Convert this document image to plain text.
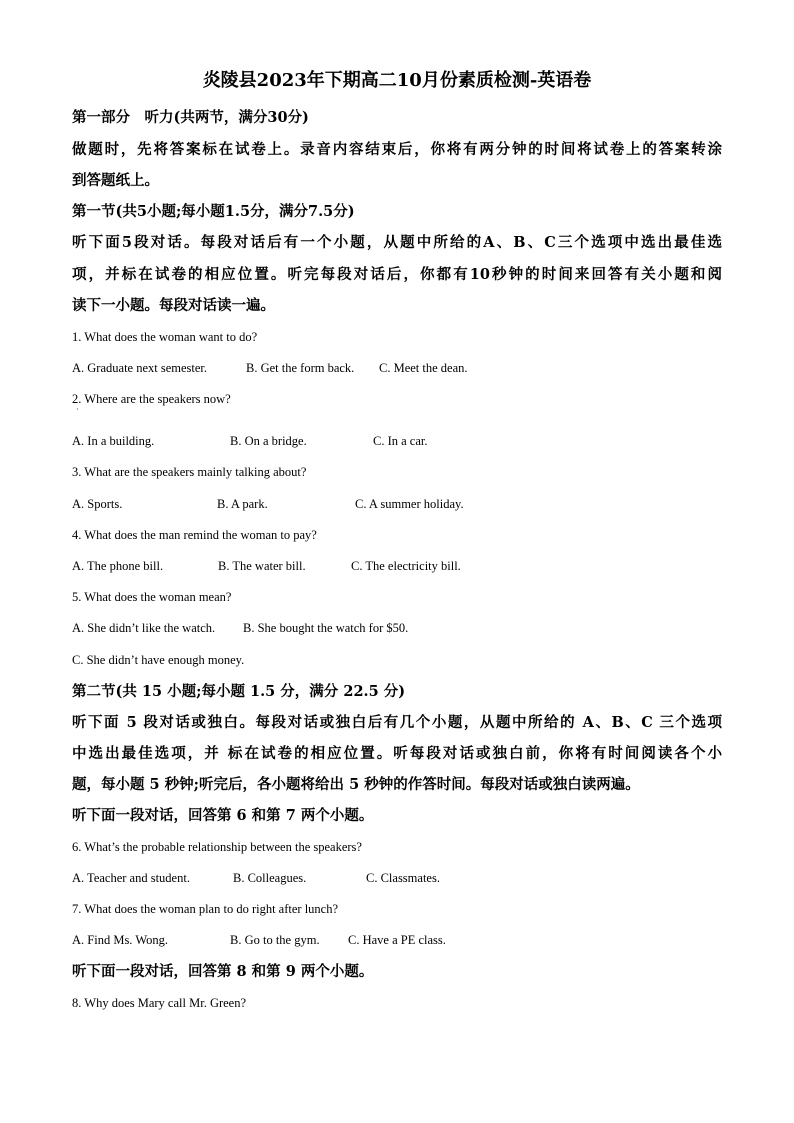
炎陵县2023年下期高二10月份素质检测-英语卷
第一部分　听力(共两节，满分30分)
做题时，先将答案标在试卷上。录音内容结束后，你将有两分钟的时间将试卷上的答案转涂
到答题纸上。
第一节(共5小题;每小题1.5分，满分7.5分)
听下面5段对话。每段对话后有一个小题，从题中所给的A、B、C三个选项中选出最佳选
项，并标在试卷的相应位置。听完每段对话后，你都有10秒钟的时间来回答有关小题和阅
读下一小题。每段对话读一遍。
1. What does the woman want to do?
A. Graduate next semester.	B. Get the form back. C. Meet the dean.
2. Where are the speakers now?
·
A. In a building.	B. On a bridge.	C. In a car.
3. What are the speakers mainly talking about?
A. Sports.	B. A park.	C. A summer holiday.
4. What does the man remind the woman to pay?
A. The phone bill.	B. The water bill.	C. The electricity bill.
5. What does the woman mean?
A. She didn’t like the watch. B. She bought the watch for $50.
C. She didn’t have enough money.
第二节(共 15 小题;每小题 1.5 分，满分 22.5 分)
听下面 5 段对话或独白。每段对话或独白后有几个小题，从题中所给的 A、B、C 三个选项
中选出最佳选项，并 标在试卷的相应位置。听每段对话或独白前，你将有时间阅读各个小
题，每小题 5 秒钟;听完后，各小题将给出 5 秒钟的作答时间。每段对话或独白读两遍。
听下面一段对话，回答第 6 和第 7 两个小题。
6. What’s the probable relationship between the speakers?
A. Teacher and student.	B. Colleagues.	C. Classmates.
7. What does the woman plan to do right after lunch?
A. Find Ms. Wong.	B. Go to the gym. C. Have a PE class.
听下面一段对话，回答第 8 和第 9 两个小题。
8. Why does Mary call Mr. Green?
